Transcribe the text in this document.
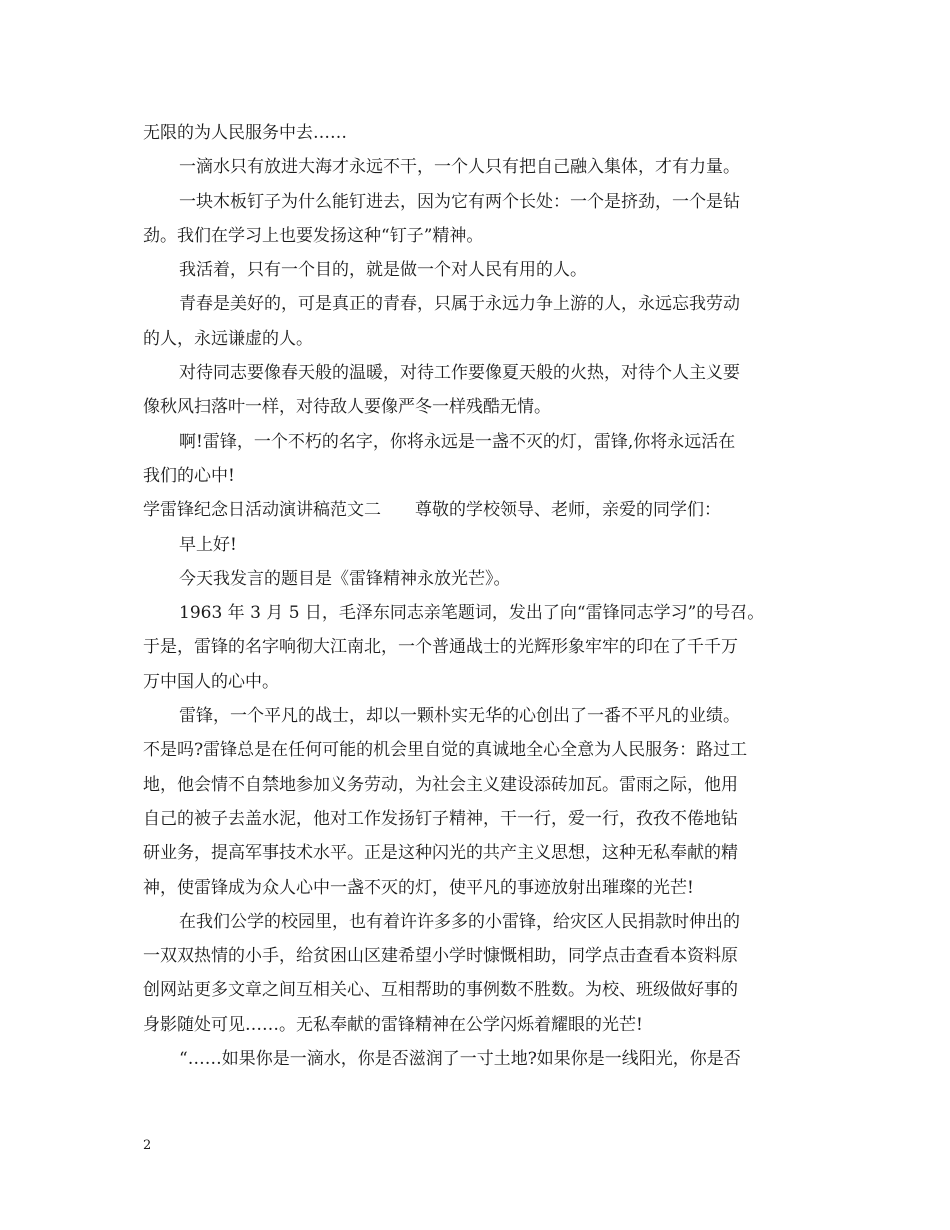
无限的为人民服务中去……
一滴水只有放进大海才永远不干，一个人只有把自己融入集体，才有力量。
一块木板钉子为什么能钉进去，因为它有两个长处：一个是挤劲，一个是钻
劲。我们在学习上也要发扬这种“钉子”精神。
我活着，只有一个目的，就是做一个对人民有用的人。
青春是美好的，可是真正的青春，只属于永远力争上游的人，永远忘我劳动
的人，永远谦虚的人。
对待同志要像春天般的温暖，对待工作要像夏天般的火热，对待个人主义要
像秋风扫落叶一样，对待敌人要像严冬一样残酷无情。
啊!雷锋，一个不朽的名字，你将永远是一盏不灭的灯，雷锋,你将永远活在
我们的心中!
学雷锋纪念日活动演讲稿范文二　　尊敬的学校领导、老师，亲爱的同学们：
早上好!
今天我发言的题目是《雷锋精神永放光芒》。
1963 年 3 月 5 日，毛泽东同志亲笔题词，发出了向“雷锋同志学习”的号召。
于是，雷锋的名字响彻大江南北，一个普通战士的光辉形象牢牢的印在了千千万
万中国人的心中。
雷锋，一个平凡的战士，却以一颗朴实无华的心创出了一番不平凡的业绩。
不是吗?雷锋总是在任何可能的机会里自觉的真诚地全心全意为人民服务：路过工
地，他会情不自禁地参加义务劳动，为社会主义建设添砖加瓦。雷雨之际，他用
自己的被子去盖水泥，他对工作发扬钉子精神，干一行，爱一行，孜孜不倦地钻
研业务，提高军事技术水平。正是这种闪光的共产主义思想，这种无私奉献的精
神，使雷锋成为众人心中一盏不灭的灯，使平凡的事迹放射出璀璨的光芒!
在我们公学的校园里，也有着许许多多的小雷锋，给灾区人民捐款时伸出的
一双双热情的小手，给贫困山区建希望小学时慷慨相助，同学点击查看本资料原
创网站更多文章之间互相关心、互相帮助的事例数不胜数。为校、班级做好事的
身影随处可见……。无私奉献的雷锋精神在公学闪烁着耀眼的光芒!
“……如果你是一滴水，你是否滋润了一寸土地?如果你是一线阳光，你是否
2
